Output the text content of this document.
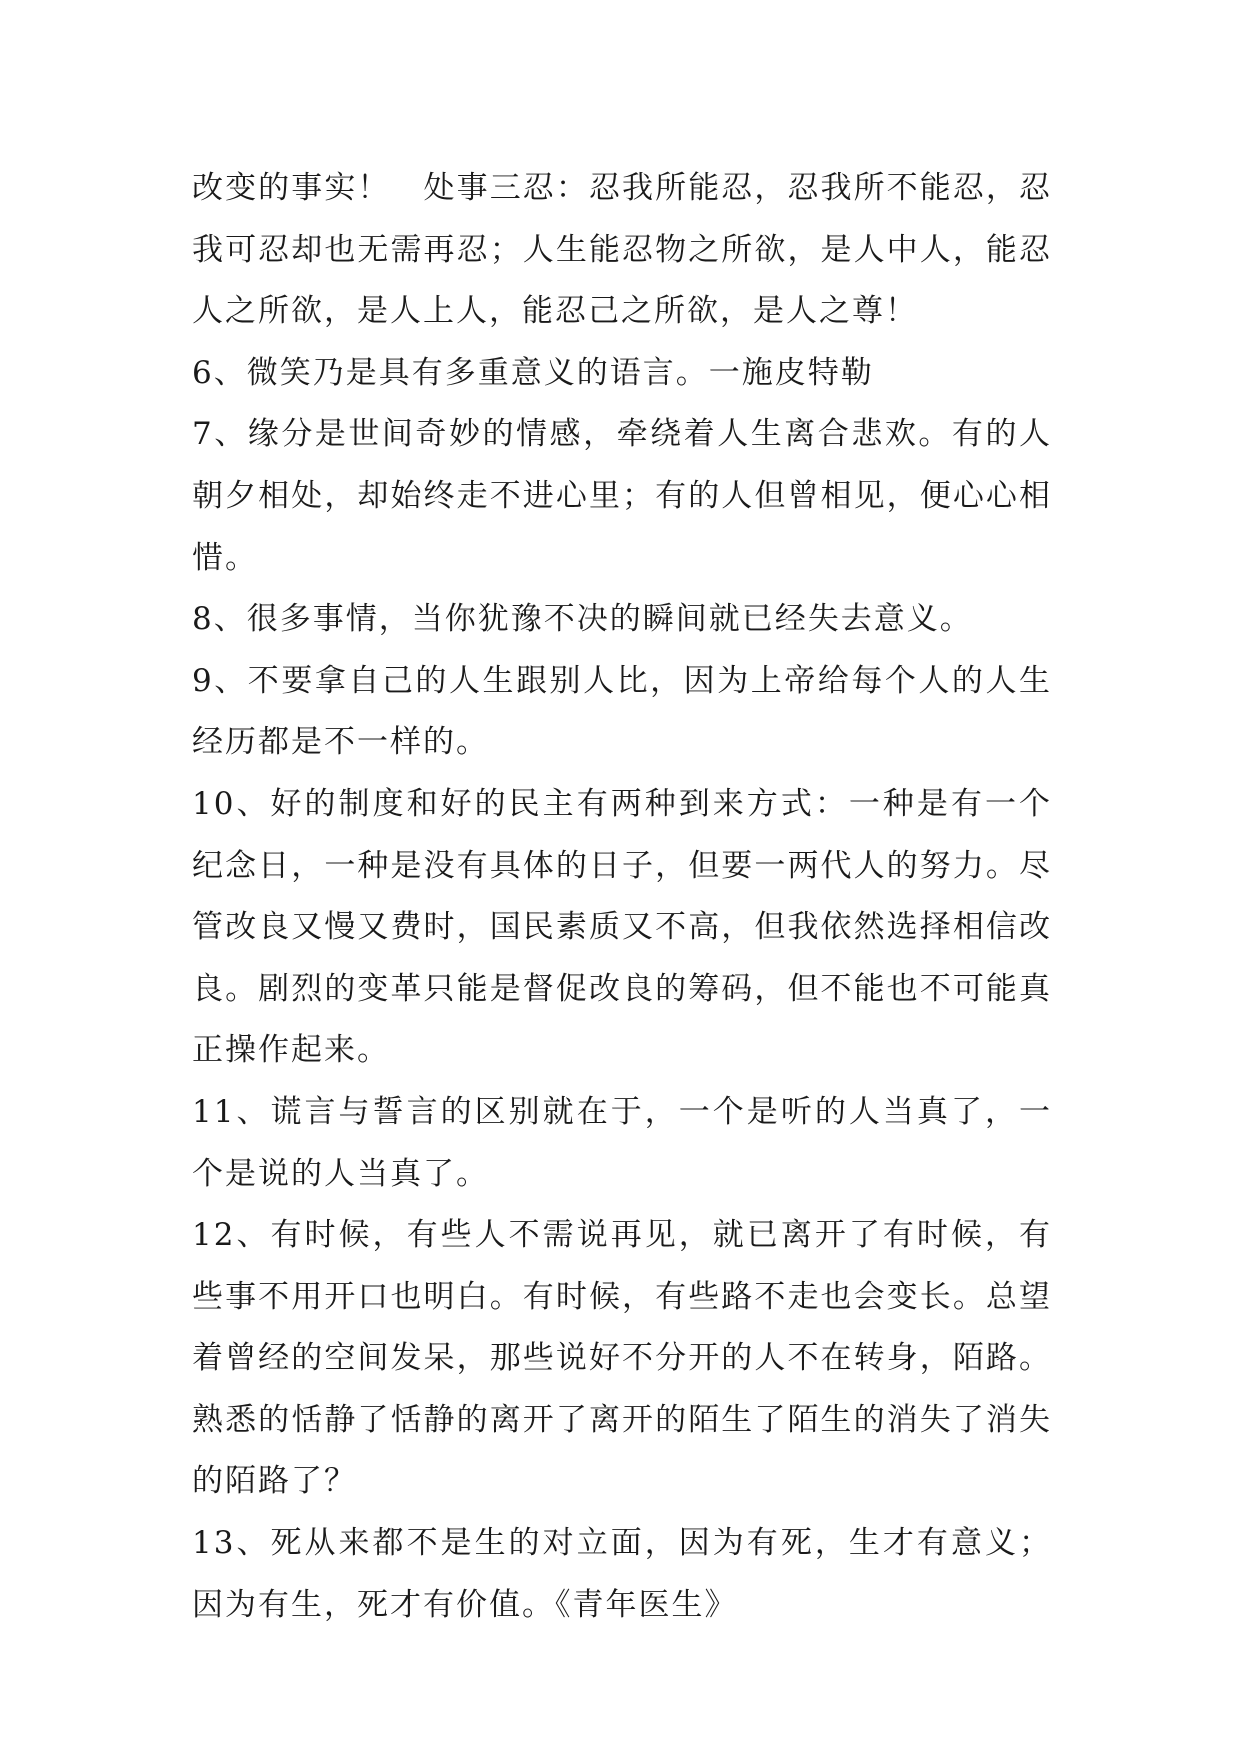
改变的事实！　处事三忍：忍我所能忍，忍我所不能忍，忍我可忍却也无需再忍；人生能忍物之所欲，是人中人，能忍人之所欲，是人上人，能忍己之所欲，是人之尊！

6、微笑乃是具有多重意义的语言。一施皮特勒

7、缘分是世间奇妙的情感，牵绕着人生离合悲欢。有的人朝夕相处，却始终走不进心里；有的人但曾相见，便心心相惜。

8、很多事情，当你犹豫不决的瞬间就已经失去意义。

9、不要拿自己的人生跟别人比，因为上帝给每个人的人生经历都是不一样的。

10、好的制度和好的民主有两种到来方式：一种是有一个纪念日，一种是没有具体的日子，但要一两代人的努力。尽管改良又慢又费时，国民素质又不高，但我依然选择相信改良。剧烈的变革只能是督促改良的筹码，但不能也不可能真正操作起来。

11、谎言与誓言的区别就在于，一个是听的人当真了，一个是说的人当真了。

12、有时候，有些人不需说再见，就已离开了有时候，有些事不用开口也明白。有时候，有些路不走也会变长。总望着曾经的空间发呆，那些说好不分开的人不在转身，陌路。熟悉的恬静了恬静的离开了离开的陌生了陌生的消失了消失的陌路了？

13、死从来都不是生的对立面，因为有死，生才有意义；因为有生，死才有价值。《青年医生》
